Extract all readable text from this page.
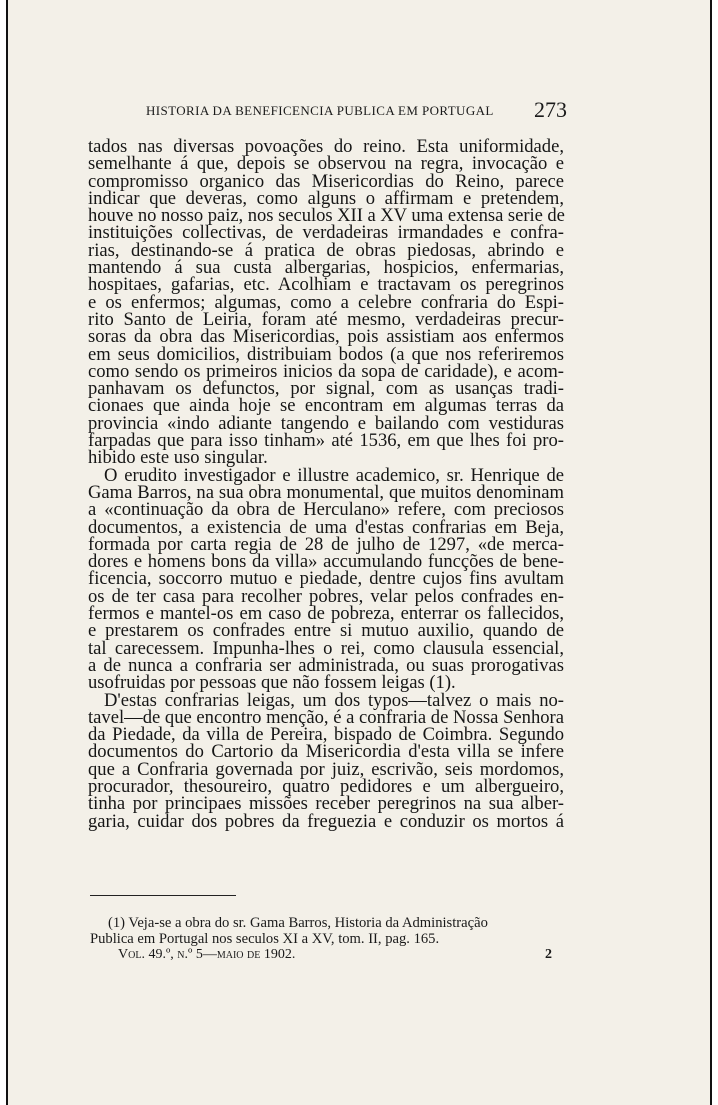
HISTORIA DA BENEFICENCIA PUBLICA EM PORTUGAL 273
tados nas diversas povoações do reino. Esta uniformidade,
semelhante á que, depois se observou na regra, invocação e
compromisso organico das Misericordias do Reino, parece
indicar que deveras, como alguns o affirmam e pretendem,
houve no nosso paiz, nos seculos XII a XV uma extensa serie de
instituições collectivas, de verdadeiras irmandades e confra-
rias, destinando-se á pratica de obras piedosas, abrindo e
mantendo á sua custa albergarias, hospicios, enfermarias,
hospitaes, gafarias, etc. Acolhiam e tractavam os peregrinos
e os enfermos; algumas, como a celebre confraria do Espi-
rito Santo de Leiria, foram até mesmo, verdadeiras precur-
soras da obra das Misericordias, pois assistiam aos enfermos
em seus domicilios, distribuiam bodos (a que nos referiremos
como sendo os primeiros inicios da sopa de caridade), e acom-
panhavam os defunctos, por signal, com as usanças tradi-
cionaes que ainda hoje se encontram em algumas terras da
provincia «indo adiante tangendo e bailando com vestiduras
farpadas que para isso tinham» até 1536, em que lhes foi pro-
hibido este uso singular.
O erudito investigador e illustre academico, sr. Henrique de
Gama Barros, na sua obra monumental, que muitos denominam
a «continuação da obra de Herculano» refere, com preciosos
documentos, a existencia de uma d'estas confrarias em Beja,
formada por carta regia de 28 de julho de 1297, «de merca-
dores e homens bons da villa» accumulando funcções de bene-
ficencia, soccorro mutuo e piedade, dentre cujos fins avultam
os de ter casa para recolher pobres, velar pelos confrades en-
fermos e mantel-os em caso de pobreza, enterrar os fallecidos,
e prestarem os confrades entre si mutuo auxilio, quando de
tal carecessem. Impunha-lhes o rei, como clausula essencial,
a de nunca a confraria ser administrada, ou suas prorogativas
usofruidas por pessoas que não fossem leigas (1).
D'estas confrarias leigas, um dos typos—talvez o mais no-
tavel—de que encontro menção, é a confraria de Nossa Senhora
da Piedade, da villa de Pereira, bispado de Coimbra. Segundo
documentos do Cartorio da Misericordia d'esta villa se infere
que a Confraria governada por juiz, escrivão, seis mordomos,
procurador, thesoureiro, quatro pedidores e um albergueiro,
tinha por principaes missões receber peregrinos na sua alber-
garia, cuidar dos pobres da freguezia e conduzir os mortos á
(1) Veja-se a obra do sr. Gama Barros, Historia da Administração
Publica em Portugal nos seculos XI a XV, tom. II, pag. 165.
Vol. 49.º, n.º 5—maio de 1902.	2
